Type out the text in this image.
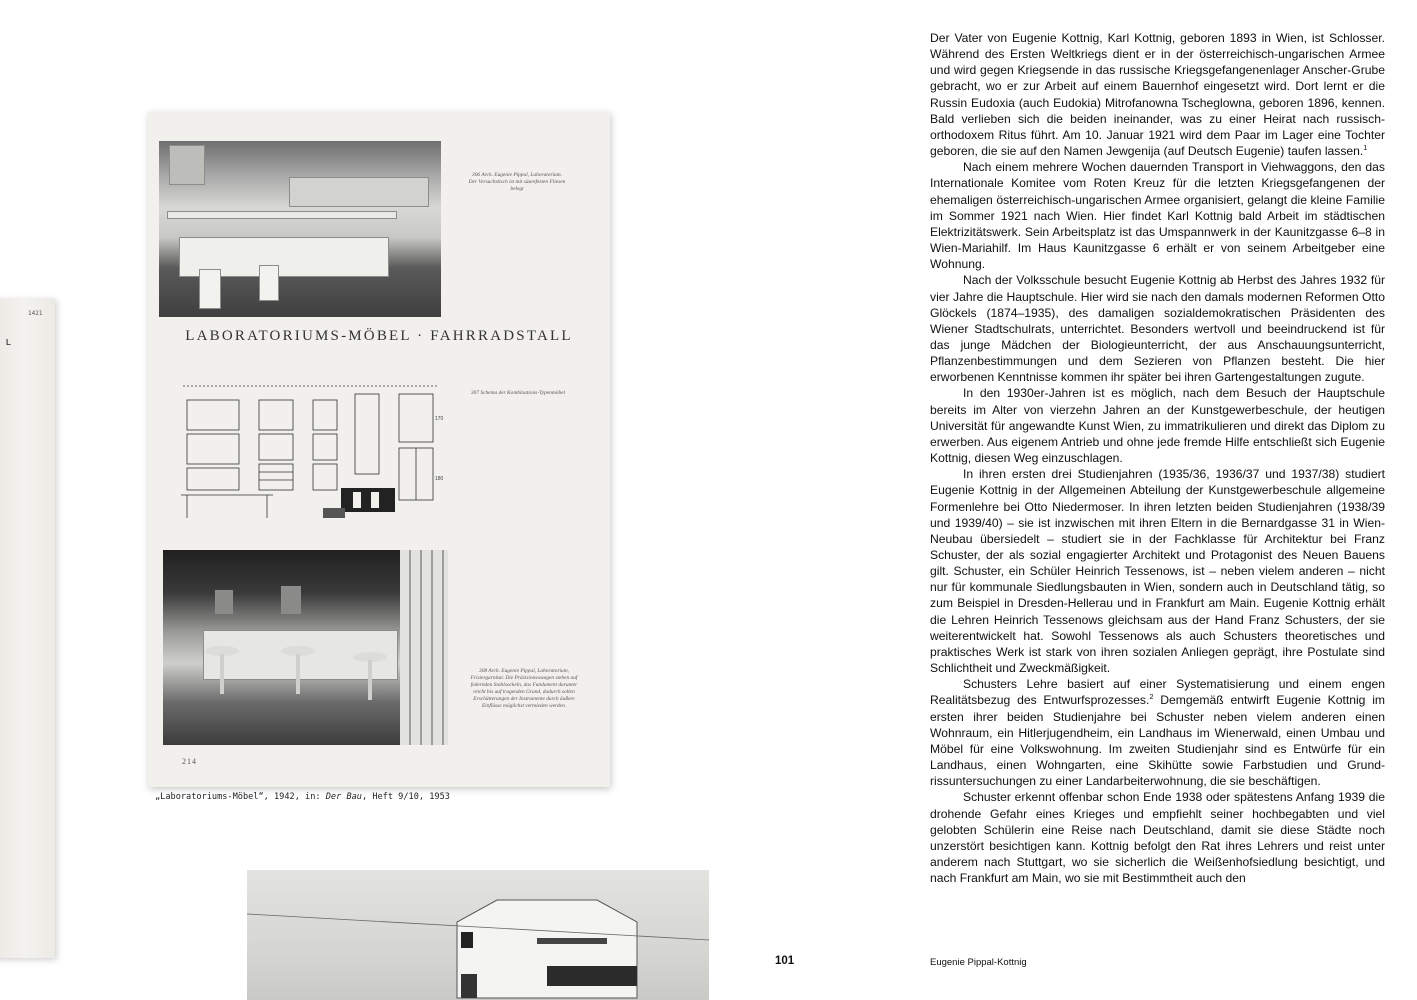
1421
L
306 Arch. Eugenie Pippal, Laboratorium. Der Versuchstisch ist mit säurefesten Fliesen belegt
LABORATORIUMS-MÖBEL · FAHRRADSTALL
170
180
307 Schema der Kombinations-Typenmöbel
308 Arch. Eugenie Pippal, Laboratorium, Frisiergarnitur. Die Präzisionswaagen stehen auf federnden Stahlsockeln, das Fundament darunter reicht bis auf tragenden Grund, dadurch sollen Erschütterungen der Instrumente durch äußere Einflüsse möglichst vermieden werden.
214
„Laboratoriums-Möbel“, 1942, in: Der Bau, Heft 9/10, 1953

Der Vater von Eugenie Kottnig, Karl Kottnig, geboren 1893 in Wien, ist Schlosser. Während des Ersten Weltkriegs dient er in der österreichisch-ungarischen Armee und wird gegen Kriegsende in das russische Kriegsgefangenenlager Anscher-Grube gebracht, wo er zur Arbeit auf einem Bauernhof eingesetzt wird. Dort lernt er die Russin Eudoxia (auch Eudokia) Mitrofanowna Tscheglowna, geboren 1896, kennen. Bald verlieben sich die beiden ineinander, was zu einer Heirat nach russisch-orthodoxem Ritus führt. Am 10. Januar 1921 wird dem Paar im Lager eine Tochter geboren, die sie auf den Namen Jewgenija (auf Deutsch Eugenie) taufen lassen.$^1$

Nach einem mehrere Wochen dauernden Transport in Viehwaggons, den das Internationale Komitee vom Roten Kreuz für die letzten Kriegsgefangenen der ehemaligen österreichisch-ungarischen Armee organisiert, gelangt die kleine Familie im Sommer 1921 nach Wien. Hier findet Karl Kottnig bald Arbeit im städtischen Elektrizitätswerk. Sein Arbeitsplatz ist das Umspannwerk in der Kaunitzgasse 6–8 in Wien-Mariahilf. Im Haus Kaunitzgasse 6 erhält er von seinem Arbeitgeber eine Wohnung.

Nach der Volksschule besucht Eugenie Kottnig ab Herbst des Jahres 1932 für vier Jahre die Hauptschule. Hier wird sie nach den damals modernen Reformen Otto Glöckels (1874–1935), des damaligen sozialdemokratischen Präsidenten des Wiener Stadtschulrats, unterrichtet. Besonders wertvoll und beeindruckend ist für das junge Mädchen der Biologieunterricht, der aus Anschauungsunterricht, Pflanzenbestimmungen und dem Sezieren von Pflanzen besteht. Die hier erworbenen Kenntnisse kommen ihr später bei ihren Gartengestaltungen zugute.

In den 1930er-Jahren ist es möglich, nach dem Besuch der Hauptschule bereits im Alter von vierzehn Jahren an der Kunstgewerbeschule, der heutigen Universität für angewandte Kunst Wien, zu immatrikulieren und direkt das Diplom zu erwerben. Aus eigenem Antrieb und ohne jede fremde Hilfe entschließt sich Eugenie Kottnig, diesen Weg einzuschlagen.

In ihren ersten drei Studienjahren (1935/36, 1936/37 und 1937/38) studiert Eugenie Kottnig in der Allgemeinen Abteilung der Kunstgewerbeschule allgemeine Formenlehre bei Otto Niedermoser. In ihren letzten beiden Studienjahren (1938/39 und 1939/40) – sie ist inzwischen mit ihren Eltern in die Bernardgasse 31 in Wien-Neubau übersiedelt – studiert sie in der Fachklasse für Architektur bei Franz Schuster, der als sozial engagierter Architekt und Protagonist des Neuen Bauens gilt. Schuster, ein Schüler Heinrich Tessenows, ist – neben vielem anderen – nicht nur für kommunale Siedlungsbauten in Wien, sondern auch in Deutschland tätig, so zum Beispiel in Dresden-Hellerau und in Frankfurt am Main. Eugenie Kottnig erhält die Lehren Heinrich Tessenows gleichsam aus der Hand Franz Schusters, der sie weiterentwickelt hat. Sowohl Tessenows als auch Schusters theoretisches und praktisches Werk ist stark von ihren sozialen Anliegen geprägt, ihre Postulate sind Schlichtheit und Zweckmäßigkeit.

Schusters Lehre basiert auf einer Systematisierung und einem engen Realitätsbezug des Entwurfsprozesses.$^2$ Demgemäß entwirft Eugenie Kottnig im ersten ihrer beiden Studienjahre bei Schuster neben vielem anderen einen Wohnraum, ein Hitlerjugendheim, ein Landhaus im Wienerwald, einen Umbau und Möbel für eine Volkswohnung. Im zweiten Studienjahr sind es Entwürfe für ein Landhaus, einen Wohngarten, eine Skihütte sowie Farbstudien und Grundrissuntersuchungen zu einer Landarbeiterwohnung, die sie beschäftigen.

Schuster erkennt offenbar schon Ende 1938 oder spätestens Anfang 1939 die drohende Gefahr eines Krieges und empfiehlt seiner hochbegabten und viel gelobten Schülerin eine Reise nach Deutschland, damit sie diese Städte noch unzerstört besichtigen kann. Kottnig befolgt den Rat ihres Lehrers und reist unter anderem nach Stuttgart, wo sie sicherlich die Weißenhofsiedlung besichtigt, und nach Frankfurt am Main, wo sie mit Bestimmtheit auch den

101	Eugenie Pippal-Kottnig
